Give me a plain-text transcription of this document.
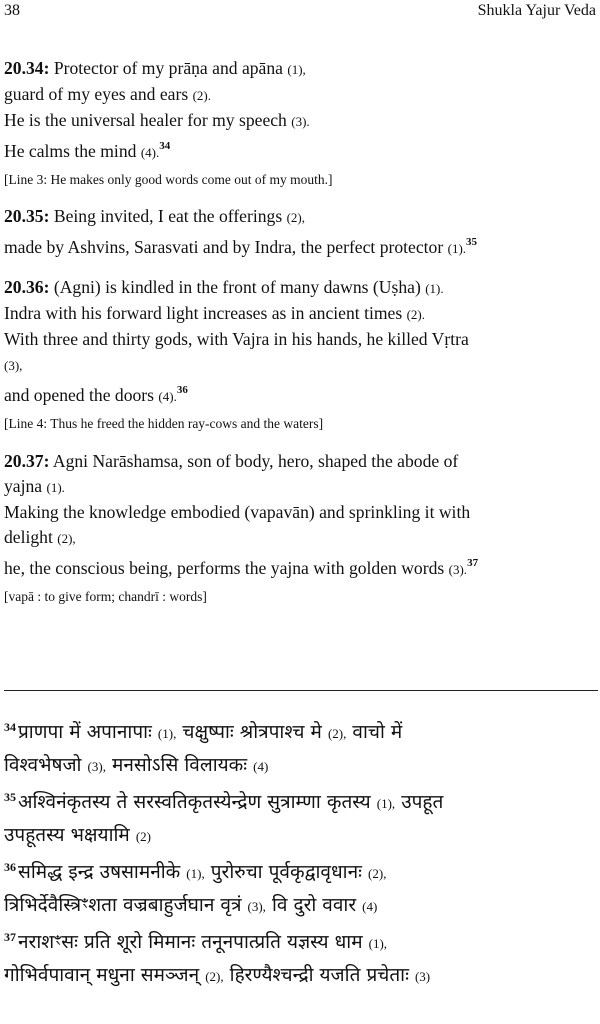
38	Shukla Yajur Veda
20.34: Protector of my prāṇa and apāna (1),
guard of my eyes and ears (2).
He is the universal healer for my speech (3).
He calms the mind (4).$^{34}$
[Line 3: He makes only good words come out of my mouth.]
20.35: Being invited, I eat the offerings (2),
made by Ashvins, Sarasvati and by Indra, the perfect protector (1).$^{35}$
20.36: (Agni) is kindled in the front of many dawns (Uṣha) (1).
Indra with his forward light increases as in ancient times (2).
With three and thirty gods, with Vajra in his hands, he killed Vṛtra
(3),
and opened the doors (4).$^{36}$
[Line 4: Thus he freed the hidden ray-cows and the waters]
20.37: Agni Narāshamsa, son of body, hero, shaped the abode of
yajna (1).
Making the knowledge embodied (vapavān) and sprinkling it with
delight (2),
he, the conscious being, performs the yajna with golden words (3).$^{37}$
[vapā : to give form; chandrī : words]
$^{34}$ प्राणपा में अपानापाः (1), चक्षुष्पाः श्रोत्रपाश्च मे (2), वाचो में
विश्वभेषजो (3), मनसोऽसि विलायकः (4)
$^{35}$ अश्विनंकृतस्य ते सरस्वतिकृतस्येन्द्रेण सुत्राम्णा कृतस्य (1), उपहूत
उपहूतस्य भक्षयामि (2)
$^{36}$ समिद्ध इन्द्र उषसामनीके (1), पुरोरुचा पूर्वकृद्वावृधानः (2),
त्रिभिर्देवैस्त्रिꣳशता वज्रबाहुर्जघान वृत्रं (3), वि दुरो ववार (4)
$^{37}$ नराशꣳसः प्रति शूरो मिमानः तनूनपात्प्रति यज्ञस्य धाम (1),
गोभिर्वपावान् मधुना समञ्जन् (2), हिरण्यैश्चन्द्री यजति प्रचेताः (3)
